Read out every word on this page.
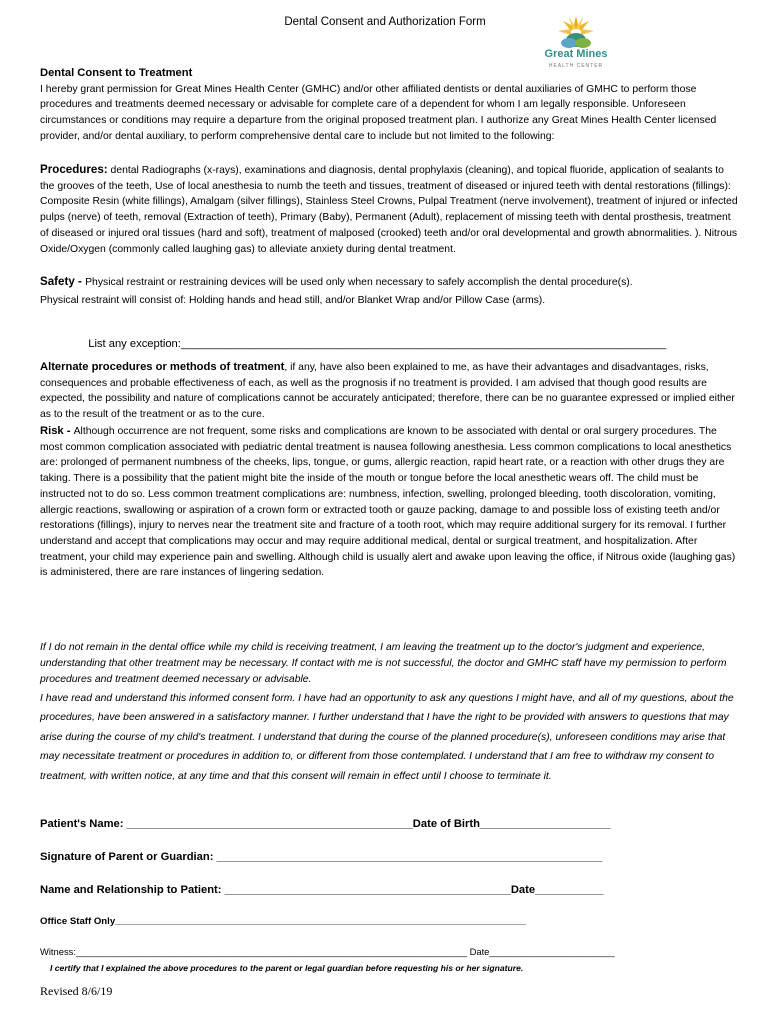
Dental Consent and Authorization Form
Great Mines
HEALTH CENTER
Dental Consent to Treatment
I hereby grant permission for Great Mines Health Center (GMHC) and/or other affiliated dentists or dental auxiliaries of GMHC to perform those procedures and treatments deemed necessary or advisable for complete care of a dependent for whom I am legally responsible. Unforeseen circumstances or conditions may require a departure from the original proposed treatment plan. I authorize any Great Mines Health Center licensed provider, and/or dental auxiliary, to perform comprehensive dental care to include but not limited to the following:
Procedures: dental Radiographs (x-rays), examinations and diagnosis, dental prophylaxis (cleaning), and topical fluoride, application of sealants to the grooves of the teeth, Use of local anesthesia to numb the teeth and tissues, treatment of diseased or injured teeth with dental restorations (fillings): Composite Resin (white fillings), Amalgam (silver fillings), Stainless Steel Crowns, Pulpal Treatment (nerve involvement), treatment of injured or infected pulps (nerve) of teeth, removal (Extraction of teeth), Primary (Baby), Permanent (Adult), replacement of missing teeth with dental prosthesis, treatment of diseased or injured oral tissues (hard and soft), treatment of malposed (crooked) teeth and/or oral developmental and growth abnormalities. ). Nitrous Oxide/Oxygen (commonly called laughing gas) to alleviate anxiety during dental treatment.
Safety - Physical restraint or restraining devices will be used only when necessary to safely accomplish the dental procedure(s).
Physical restraint will consist of: Holding hands and head still, and/or Blanket Wrap and/or Pillow Case (arms).

List any exception:______________________________________________________________________________

Alternate procedures or methods of treatment, if any, have also been explained to me, as have their advantages and disadvantages, risks, consequences and probable effectiveness of each, as well as the prognosis if no treatment is provided. I am advised that though good results are expected, the possibility and nature of complications cannot be accurately anticipated; therefore, there can be no guarantee expressed or implied either as to the result of the treatment or as to the cure.
Risk - Although occurrence are not frequent, some risks and complications are known to be associated with dental or oral surgery procedures. The most common complication associated with pediatric dental treatment is nausea following anesthesia. Less common complications to local anesthetics are: prolonged of permanent numbness of the cheeks, lips, tongue, or gums, allergic reaction, rapid heart rate, or a reaction with other drugs they are taking. There is a possibility that the patient might bite the inside of the mouth or tongue before the local anesthetic wears off. The child must be instructed not to do so. Less common treatment complications are: numbness, infection, swelling, prolonged bleeding, tooth discoloration, vomiting, allergic reactions, swallowing or aspiration of a crown form or extracted tooth or gauze packing, damage to and possible loss of existing teeth and/or restorations (fillings), injury to nerves near the treatment site and fracture of a tooth root, which may require additional surgery for its removal. I further understand and accept that complications may occur and may require additional medical, dental or surgical treatment, and hospitalization. After treatment, your child may experience pain and swelling. Although child is usually alert and awake upon leaving the office, if Nitrous oxide (laughing gas) is administered, there are rare instances of lingering sedation.
If I do not remain in the dental office while my child is receiving treatment, I am leaving the treatment up to the doctor's judgment and experience, understanding that other treatment may be necessary. If contact with me is not successful, the doctor and GMHC staff have my permission to perform procedures and treatment deemed necessary or advisable.
I have read and understand this informed consent form. I have had an opportunity to ask any questions I might have, and all of my questions, about the procedures, have been answered in a satisfactory manner. I further understand that I have the right to be provided with answers to questions that may arise during the course of my child's treatment. I understand that during the course of the planned procedure(s), unforeseen conditions may arise that may necessitate treatment or procedures in addition to, or different from those contemplated. I understand that I am free to withdraw my consent to treatment, with written notice, at any time and that this consent will remain in effect until I choose to terminate it.
Patient's Name: ______________________________________________Date of Birth_____________________
Signature of Parent or Guardian: ______________________________________________________________
Name and Relationship to Patient: ______________________________________________Date___________
Office Staff Only_____________________________________________________________________________
Witness:___________________________________________________________________________ Date________________________
I certify that I explained the above procedures to the parent or legal guardian before requesting his or her signature.
Revised 8/6/19
